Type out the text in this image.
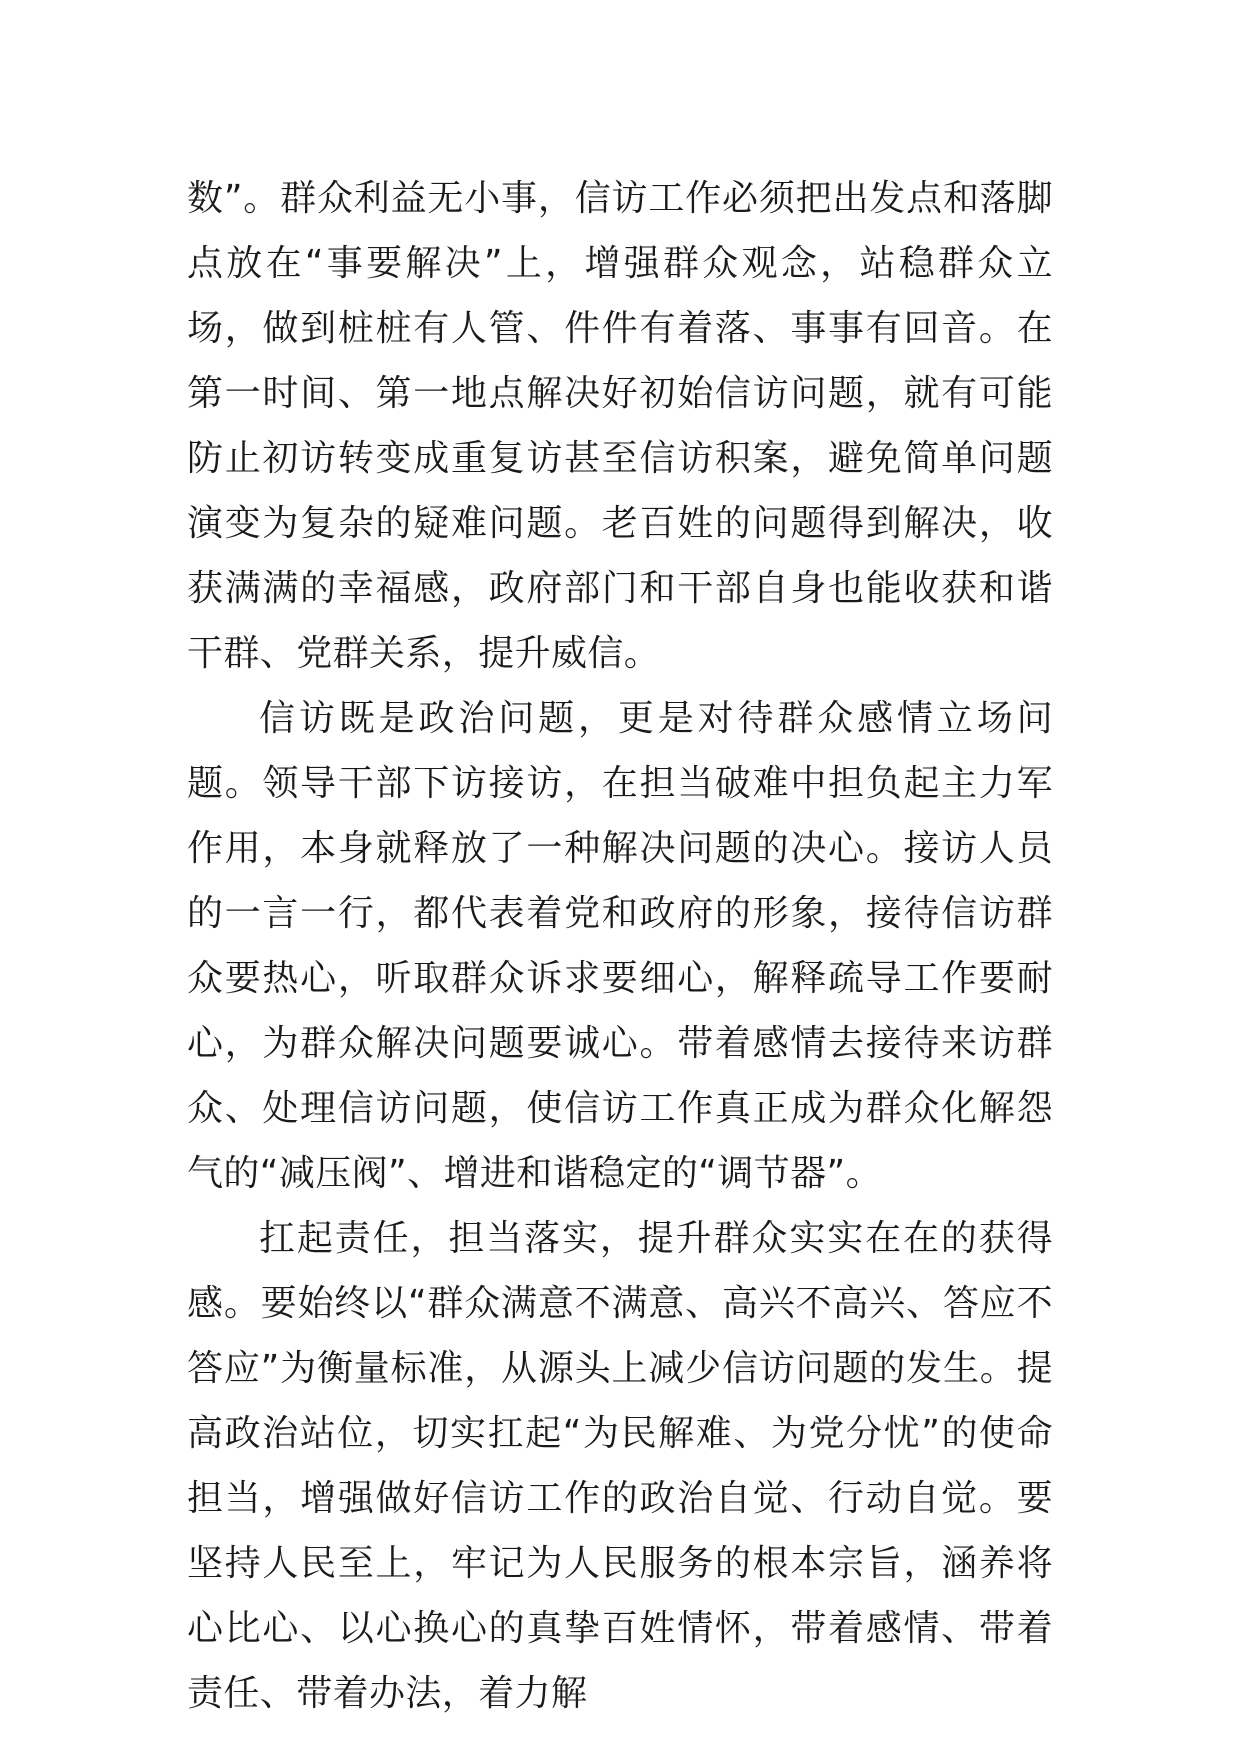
数”。群众利益无小事，信访工作必须把出发点和落脚点放在“事要解决”上，增强群众观念，站稳群众立场，做到桩桩有人管、件件有着落、事事有回音。在第一时间、第一地点解决好初始信访问题，就有可能防止初访转变成重复访甚至信访积案，避免简单问题演变为复杂的疑难问题。老百姓的问题得到解决，收获满满的幸福感，政府部门和干部自身也能收获和谐干群、党群关系，提升威信。

信访既是政治问题，更是对待群众感情立场问题。领导干部下访接访，在担当破难中担负起主力军作用，本身就释放了一种解决问题的决心。接访人员的一言一行，都代表着党和政府的形象，接待信访群众要热心，听取群众诉求要细心，解释疏导工作要耐心，为群众解决问题要诚心。带着感情去接待来访群众、处理信访问题，使信访工作真正成为群众化解怨气的“减压阀”、增进和谐稳定的“调节器”。

扛起责任，担当落实，提升群众实实在在的获得感。要始终以“群众满意不满意、高兴不高兴、答应不答应”为衡量标准，从源头上减少信访问题的发生。提高政治站位，切实扛起“为民解难、为党分忧”的使命担当，增强做好信访工作的政治自觉、行动自觉。要坚持人民至上，牢记为人民服务的根本宗旨，涵养将心比心、以心换心的真挚百姓情怀，带着感情、带着责任、带着办法，着力解
